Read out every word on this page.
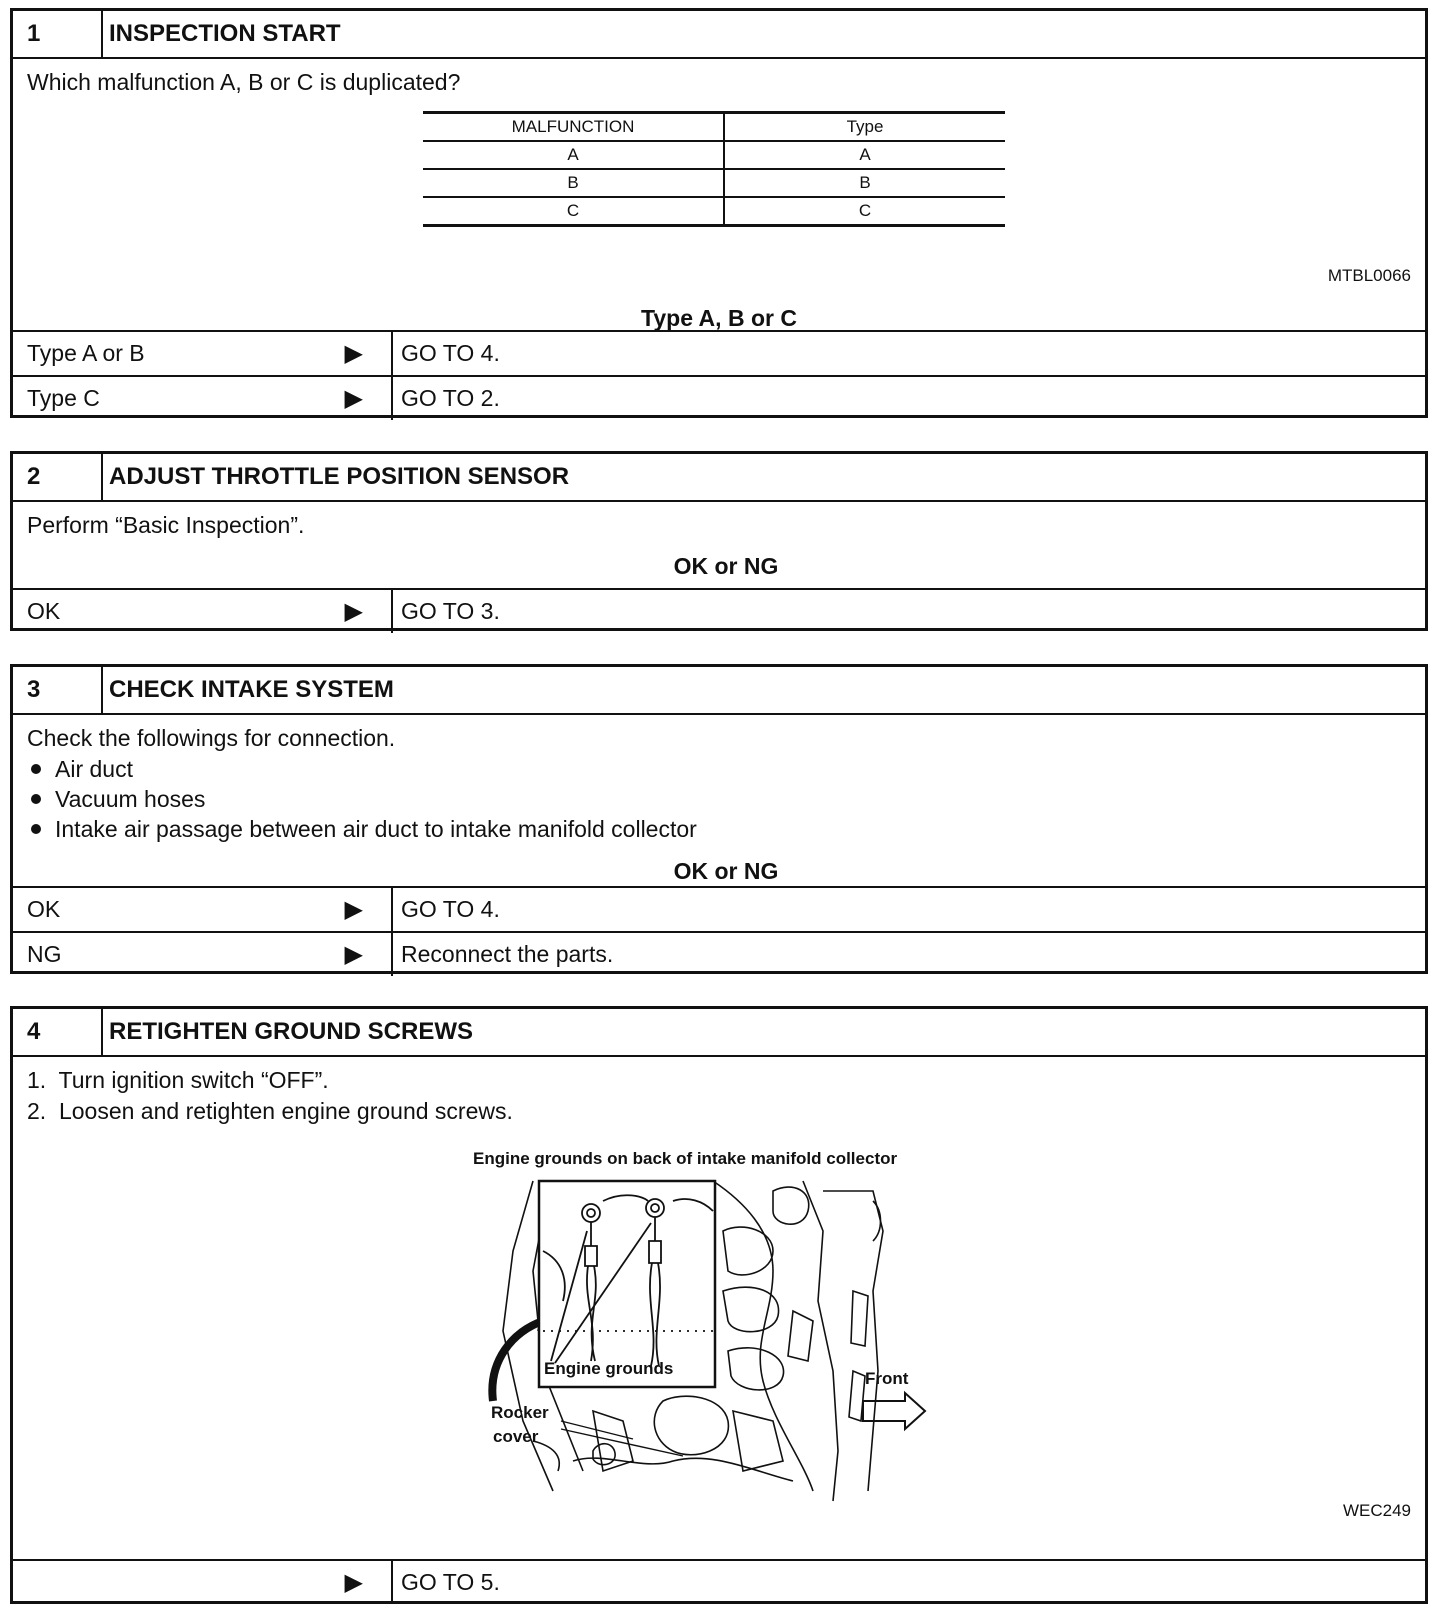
1	INSPECTION START

Which malfunction A, B or C is duplicated?

MALFUNCTION	Type
A	A
B	B
C	C
MTBL0066
Type A, B or C
Type A or B	▶	GO TO 4.
Type C	▶	GO TO 2.
2	ADJUST THROTTLE POSITION SENSOR

Perform “Basic Inspection”.

OK or NG
OK	▶	GO TO 3.
3	CHECK INTAKE SYSTEM

Check the followings for connection.

Air duct
Vacuum hoses
Intake air passage between air duct to intake manifold collector
OK or NG
OK	▶	GO TO 4.
NG	▶	Reconnect the parts.
4	RETIGHTEN GROUND SCREWS

1.  Turn ignition switch “OFF”.

2.  Loosen and retighten engine ground screws.

Engine grounds on back of intake manifold collector
Engine grounds
Front
Rocker
cover
WEC249
▶	GO TO 5.
